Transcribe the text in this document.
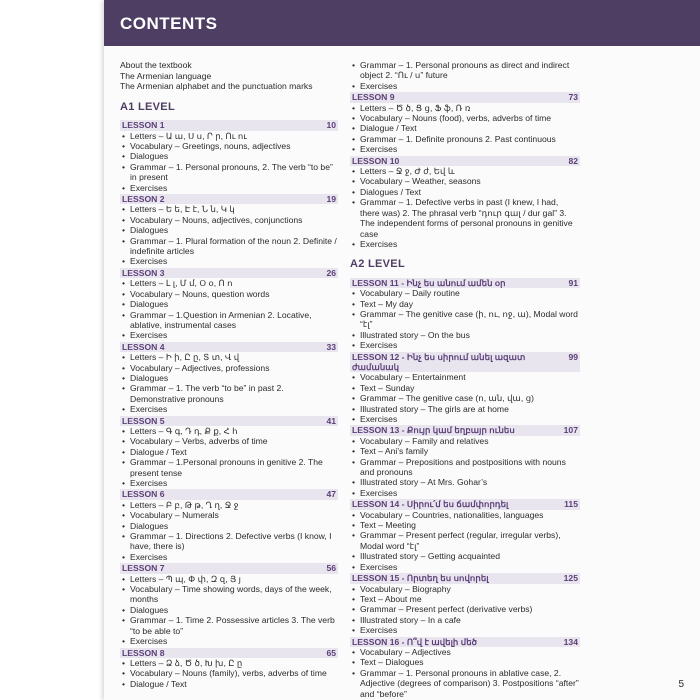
CONTENTS
About the textbook
The Armenian language
The Armenian alphabet and the punctuation marks
A1 LEVEL
LESSON 1	10
• Letters – Ա ա, Ս ս, Ր ր, Ու ու
• Vocabulary – Greetings, nouns, adjectives
• Dialogues
• Grammar – 1. Personal pronouns, 2. The verb “to be” in present
• Exercises
LESSON 2	19
• Letters – Ե ե, Է է, Ն ն, Կ կ
• Vocabulary – Nouns, adjectives, conjunctions
• Dialogues
• Grammar – 1. Plural formation of the noun 2. Definite / indefinite articles
• Exercises
LESSON 3	26
• Letters – Լ լ, Մ մ, Օ օ, Ո ո
• Vocabulary – Nouns, question words
• Dialogues
• Grammar – 1.Question in Armenian 2. Locative, ablative, instrumental cases
• Exercises
LESSON 4	33
• Letters – Ի ի, Ը ը, Տ տ, Վ վ
• Vocabulary – Adjectives, professions
• Dialogues
• Grammar – 1. The verb “to be” in past 2. Demonstrative pronouns
• Exercises
LESSON 5	41
• Letters – Գ գ, Դ դ, Ք ք, Հ հ
• Vocabulary – Verbs, adverbs of time
• Dialogue / Text
• Grammar – 1.Personal pronouns in genitive 2. The present tense
• Exercises
LESSON 6	47
• Letters – Բ բ, Թ թ, Ղ ղ, Ջ ջ
• Vocabulary – Numerals
• Dialogues
• Grammar – 1. Directions 2. Defective verbs (I know, I have, there is)
• Exercises
LESSON 7	56
• Letters – Պ պ, Փ փ, Զ զ, Յ յ
• Vocabulary – Time showing words, days of the week, months
• Dialogues
• Grammar – 1. Time 2. Possessive articles 3. The verb “to be able to”
• Exercises
LESSON 8	65
• Letters – Ձ ձ, Ծ ծ, Խ խ, Ը ը
• Vocabulary – Nouns (family), verbs, adverbs of time
• Dialogue / Text
• Grammar – 1. Personal pronouns as direct and indirect object 2. “Ու / ս” future
• Exercises
LESSON 9	73
• Letters – Ծ ծ, Ց ց, Ֆ ֆ, Ռ ռ
• Vocabulary – Nouns (food), verbs, adverbs of time
• Dialogue / Text
• Grammar – 1. Definite pronouns 2. Past continuous
• Exercises
LESSON 10	82
• Letters – Ջ ջ, Ժ ժ, Եվ և
• Vocabulary – Weather, seasons
• Dialogues / Text
• Grammar – 1. Defective verbs in past (I knew, I had, there was) 2. The phrasal verb “դուր գալ / dur gal” 3. The independent forms of personal pronouns in genitive case
• Exercises
A2 LEVEL
LESSON 11 - Ինչ ես անում ամեն օր	91
• Vocabulary – Daily routine
• Text – My day
• Grammar – The genitive case (ի, ու, ոջ, ա), Modal word “էլ”
• Illustrated story – On the bus
• Exercises
LESSON 12 - Ինչ ես սիրում անել ազատ ժամանակ
99
• Vocabulary – Entertainment
• Text – Sunday
• Grammar – The genitive case (ո, ան, վա, ց)
• Illustrated story – The girls are at home
• Exercises
LESSON 13 - Քույր կամ եղբայր ունես	107
• Vocabulary – Family and relatives
• Text – Ani’s family
• Grammar – Prepositions and postpositions with nouns and pronouns
• Illustrated story – At Mrs. Gohar’s
• Exercises
LESSON 14 - Սիրու՛մ ես ճամփորդել	115
• Vocabulary – Countries, nationalities, languages
• Text – Meeting
• Grammar – Present perfect (regular, irregular verbs), Modal word “էլ”
• Illustrated story – Getting acquainted
• Exercises
LESSON 15 - Որտեղ ես սովորել	125
• Vocabulary – Biography
• Text – About me
• Grammar – Present perfect (derivative verbs)
• Illustrated story – In a cafe
• Exercises
LESSON 16 - Ո՞վ է ավելի մեծ	134
• Vocabulary – Adjectives
• Text – Dialogues
• Grammar – 1. Personal pronouns in ablative case, 2. Adjective (degrees of comparison) 3. Postpositions “after” and “before”
5
